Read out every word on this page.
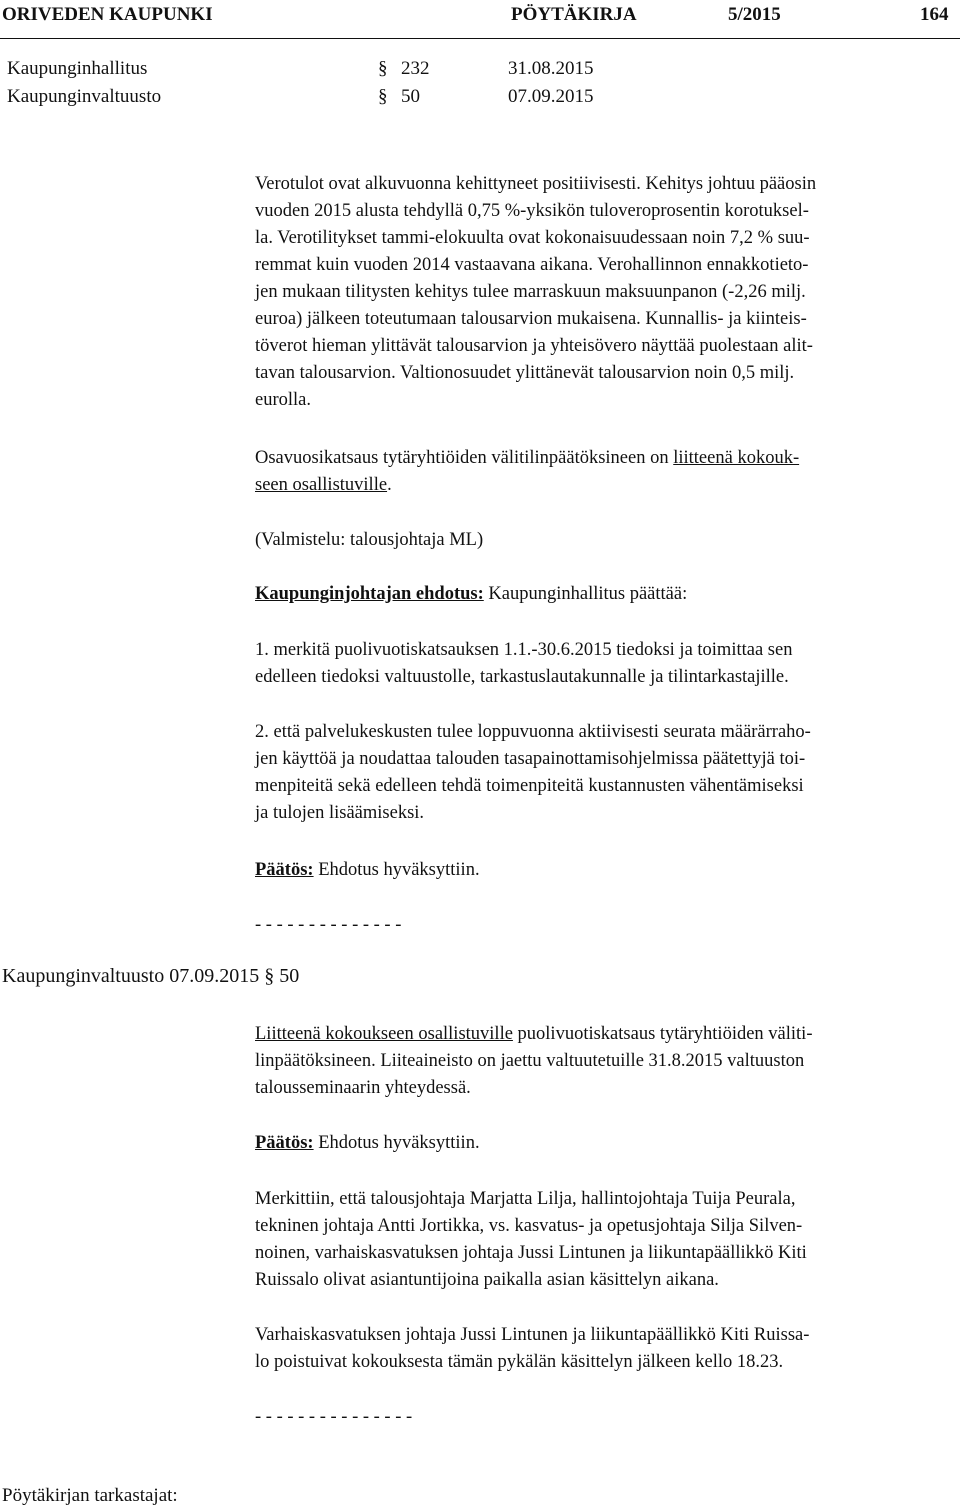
ORIVEDEN KAUPUNKI	PÖYTÄKIRJA	5/2015	164
Kaupunginhallitus	§ 232	31.08.2015
Kaupunginvaltuusto	§ 50	07.09.2015

Verotulot ovat alkuvuonna kehittyneet positiivisesti. Kehitys johtuu pääosin

vuoden 2015 alusta tehdyllä 0,75 %-yksikön tuloveroprosentin korotuksel-

la. Verotilitykset tammi-elokuulta ovat kokonaisuudessaan noin 7,2 % suu-

remmat kuin vuoden 2014 vastaavana aikana. Verohallinnon ennakkotieto-

jen mukaan tilitysten kehitys tulee marraskuun maksuunpanon (-2,26 milj.

euroa) jälkeen toteutumaan talousarvion mukaisena. Kunnallis- ja kiinteis-

töverot hieman ylittävät talousarvion ja yhteisövero näyttää puolestaan alit-

tavan talousarvion. Valtionosuudet ylittänevät talousarvion noin 0,5 milj.

eurolla.

Osavuosikatsaus tytäryhtiöiden välitilinpäätöksineen on liitteenä kokouk-

seen osallistuville.

(Valmistelu: talousjohtaja ML)

Kaupunginjohtajan ehdotus: Kaupunginhallitus päättää:

1. merkitä puolivuotiskatsauksen 1.1.-30.6.2015 tiedoksi ja toimittaa sen

edelleen tiedoksi valtuustolle, tarkastuslautakunnalle ja tilintarkastajille.

2. että palvelukeskusten tulee loppuvuonna aktiivisesti seurata määrärraho-

jen käyttöä ja noudattaa talouden tasapainottamisohjelmissa päätettyjä toi-

menpiteitä sekä edelleen tehdä toimenpiteitä kustannusten vähentämiseksi

ja tulojen lisäämiseksi.

Päätös: Ehdotus hyväksyttiin.

- - - - - - - - - - - - - -

Kaupunginvaltuusto 07.09.2015 § 50

Liitteenä kokoukseen osallistuville puolivuotiskatsaus tytäryhtiöiden väliti-

linpäätöksineen. Liiteaineisto on jaettu valtuutetuille 31.8.2015 valtuuston

talousseminaarin yhteydessä.

Päätös: Ehdotus hyväksyttiin.

Merkittiin, että talousjohtaja Marjatta Lilja, hallintojohtaja Tuija Peurala,

tekninen johtaja Antti Jortikka, vs. kasvatus- ja opetusjohtaja Silja Silven-

noinen, varhaiskasvatuksen johtaja Jussi Lintunen ja liikuntapäällikkö Kiti

Ruissalo olivat asiantuntijoina paikalla asian käsittelyn aikana.

Varhaiskasvatuksen johtaja Jussi Lintunen ja liikuntapäällikkö Kiti Ruissa-

lo poistuivat kokouksesta tämän pykälän käsittelyn jälkeen kello 18.23.

- - - - - - - - - - - - - - -

Pöytäkirjan tarkastajat:
